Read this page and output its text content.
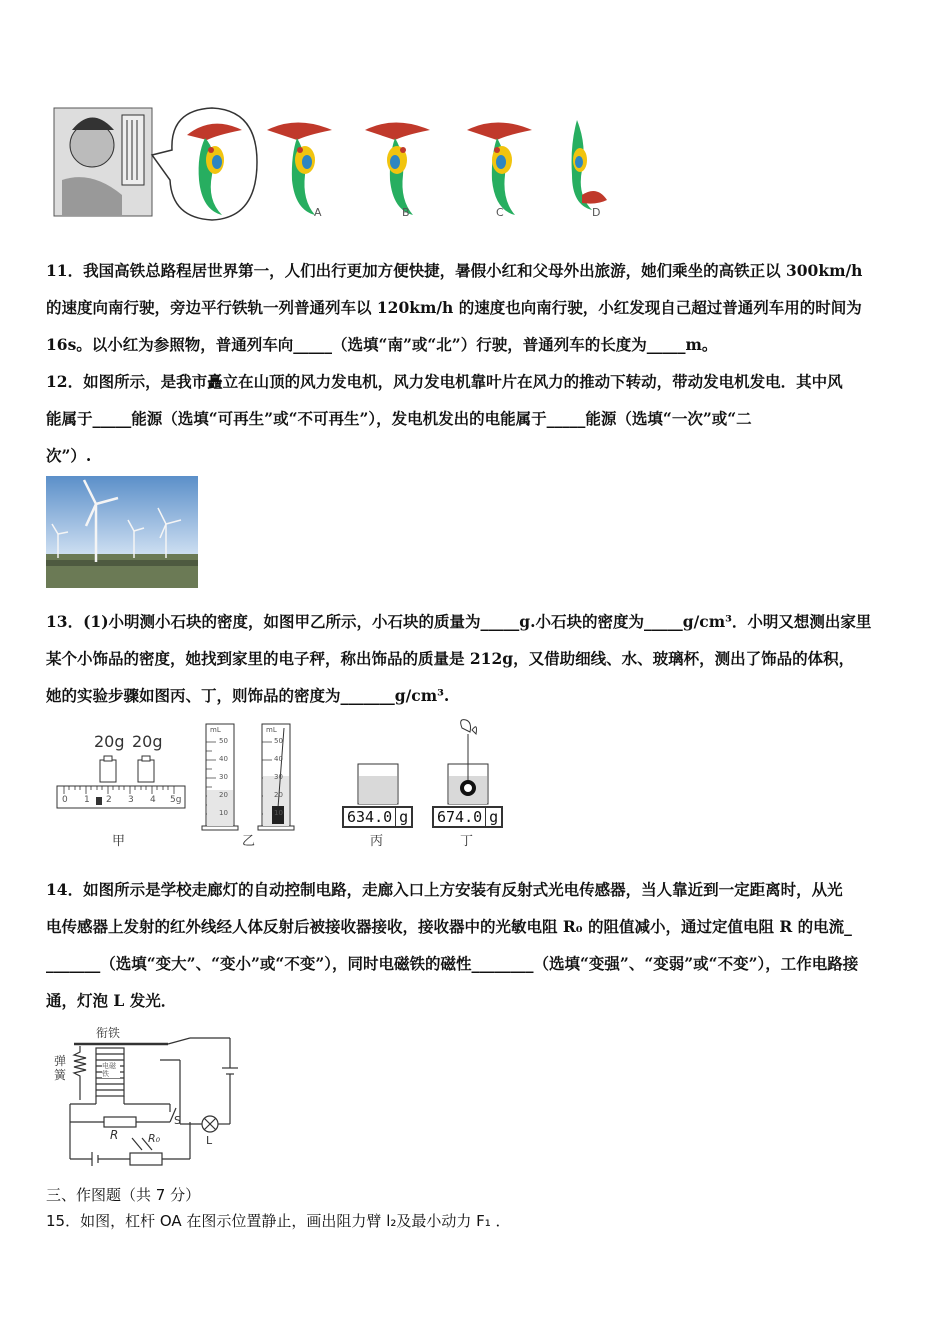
A	B	C	D
11．我国高铁总路程居世界第一，人们出行更加方便快捷，暑假小红和父母外出旅游，她们乘坐的高铁正以 300km/h
的速度向南行驶，旁边平行铁轨一列普通列车以 120km/h 的速度也向南行驶，小红发现自己超过普通列车用的时间为
16s。以小红为参照物，普通列车向_____（选填“南”或“北”）行驶，普通列车的长度为_____m。
12．如图所示，是我市矗立在山顶的风力发电机，风力发电机靠叶片在风力的推动下转动，带动发电机发电．其中风
能属于_____能源（选填“可再生”或“不可再生”），发电机发出的电能属于_____能源（选填“一次”或“二
次”）.
13．(1)小明测小石块的密度，如图甲乙所示，小石块的质量为_____g.小石块的密度为_____g/cm³．小明又想测出家里
某个小饰品的密度，她找到家里的电子秤，称出饰品的质量是 212g，又借助细线、水、玻璃杯，测出了饰品的体积，
她的实验步骤如图丙、丁，则饰品的密度为_______g/cm³.
20g 20g
0 1 2 3 4 5g
mL
50
40
30
20
10
mL
50
40
30
20
10	634.0 g	674.0 g
甲	乙	丙	丁
14．如图所示是学校走廊灯的自动控制电路，走廊入口上方安装有反射式光电传感器，当人靠近到一定距离时，从光
电传感器上发射的红外线经人体反射后被接收器接收，接收器中的光敏电阻 R₀ 的阻值减小，通过定值电阻 R 的电流_
_______（选填“变大”、“变小”或“不变”），同时电磁铁的磁性________（选填“变强”、“变弱”或“不变”），工作电路接
通，灯泡 L 发光．
衔铁
弹簧
电磁铁
R	R₀
S
L
三、作图题（共 7 分）
15．如图，杠杆 OA 在图示位置静止，画出阻力臂 l₂及最小动力 F₁ ．
